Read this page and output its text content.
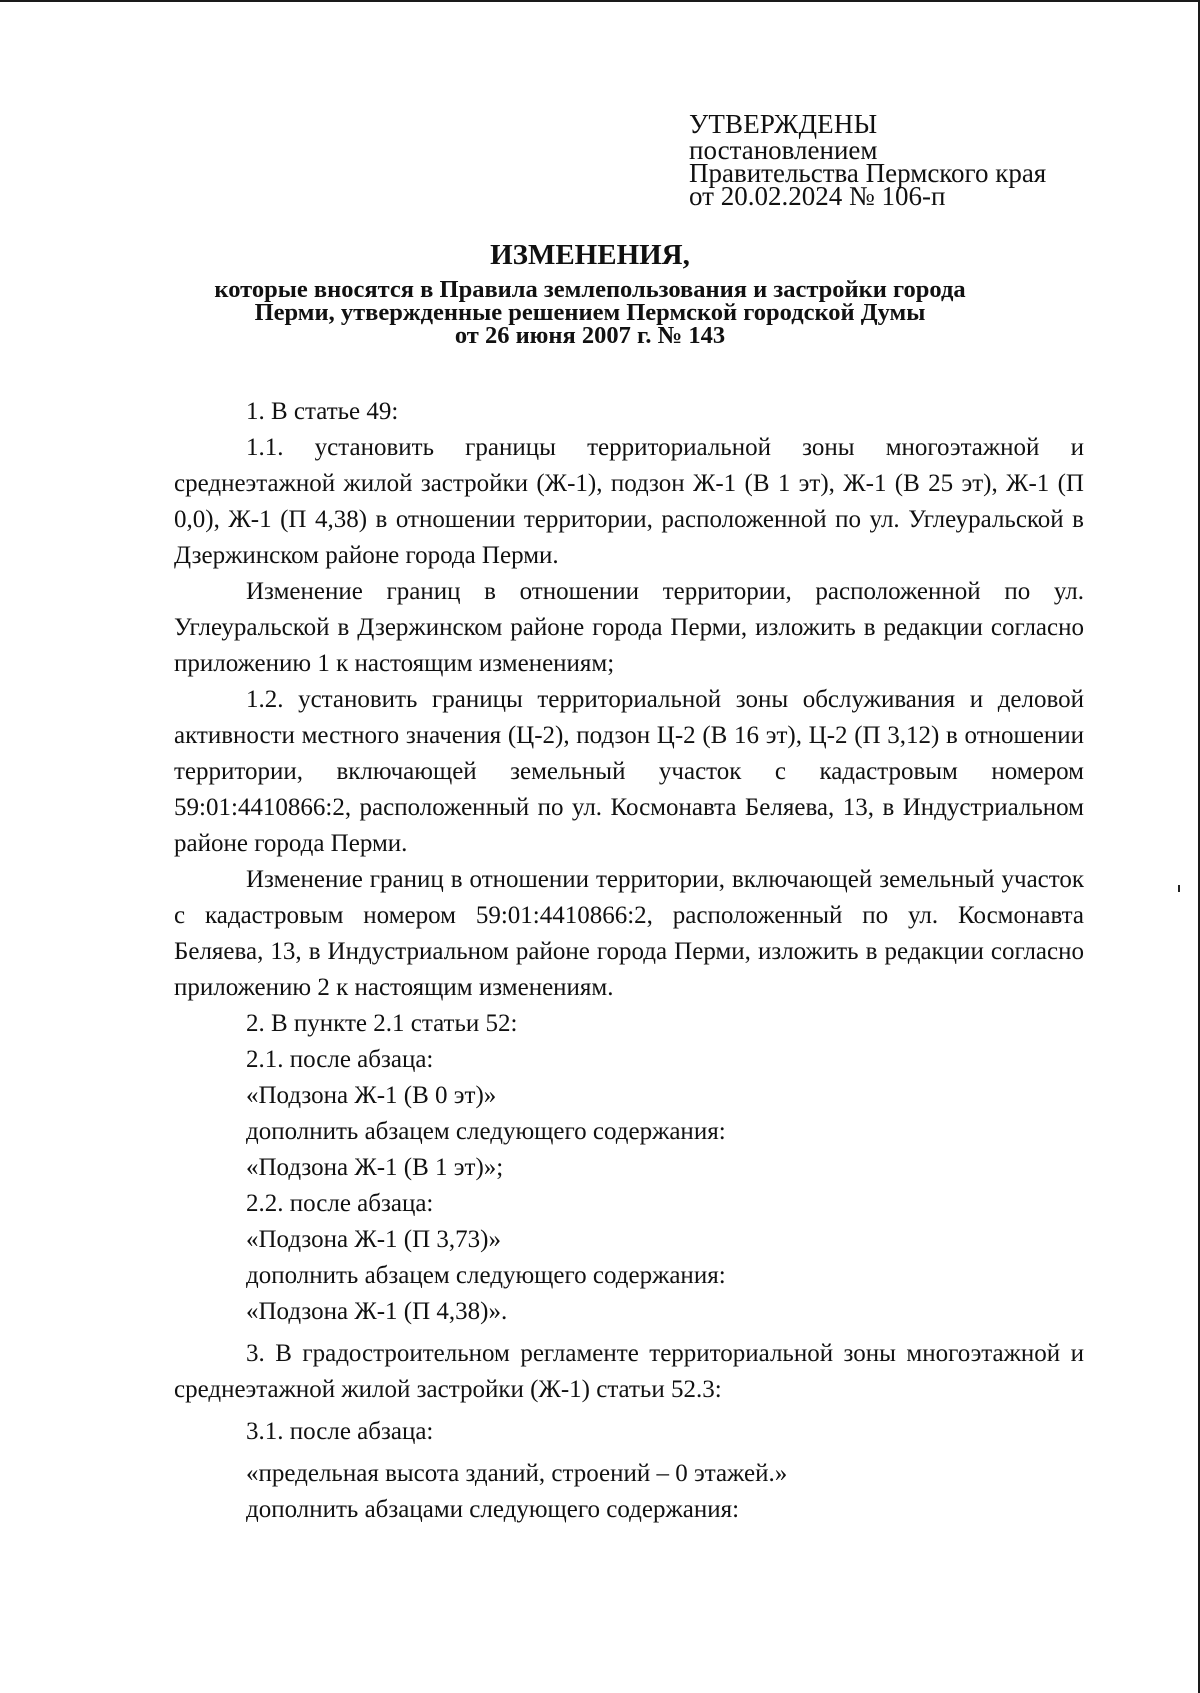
УТВЕРЖДЕНЫ
постановлением
Правительства Пермского края
от 20.02.2024 № 106-п
ИЗМЕНЕНИЯ,
которые вносятся в Правила землепользования и застройки города
Перми, утвержденные решением Пермской городской Думы
от 26 июня 2007 г. № 143

1. В статье 49:

1.1. установить границы территориальной зоны многоэтажной и среднеэтажной жилой застройки (Ж-1), подзон Ж-1 (В 1 эт), Ж-1 (В 25 эт), Ж-1 (П 0,0), Ж-1 (П 4,38) в отношении территории, расположенной по ул. Углеуральской в Дзержинском районе города Перми.

Изменение границ в отношении территории, расположенной по ул. Углеуральской в Дзержинском районе города Перми, изложить в редакции согласно приложению 1 к настоящим изменениям;

1.2. установить границы территориальной зоны обслуживания и деловой активности местного значения (Ц-2), подзон Ц-2 (В 16 эт), Ц-2 (П 3,12) в отношении территории, включающей земельный участок с кадастровым номером 59:01:4410866:2, расположенный по ул. Космонавта Беляева, 13, в Индустриальном районе города Перми.

Изменение границ в отношении территории, включающей земельный участок с кадастровым номером 59:01:4410866:2, расположенный по ул. Космонавта Беляева, 13, в Индустриальном районе города Перми, изложить в редакции согласно приложению 2 к настоящим изменениям.

2. В пункте 2.1 статьи 52:

2.1. после абзаца:

«Подзона Ж-1 (В 0 эт)»

дополнить абзацем следующего содержания:

«Подзона Ж-1 (В 1 эт)»;

2.2. после абзаца:

«Подзона Ж-1 (П 3,73)»

дополнить абзацем следующего содержания:

«Подзона Ж-1 (П 4,38)».

3. В градостроительном регламенте территориальной зоны многоэтажной и среднеэтажной жилой застройки (Ж-1) статьи 52.3:

3.1. после абзаца:

«предельная высота зданий, строений – 0 этажей.»

дополнить абзацами следующего содержания:
